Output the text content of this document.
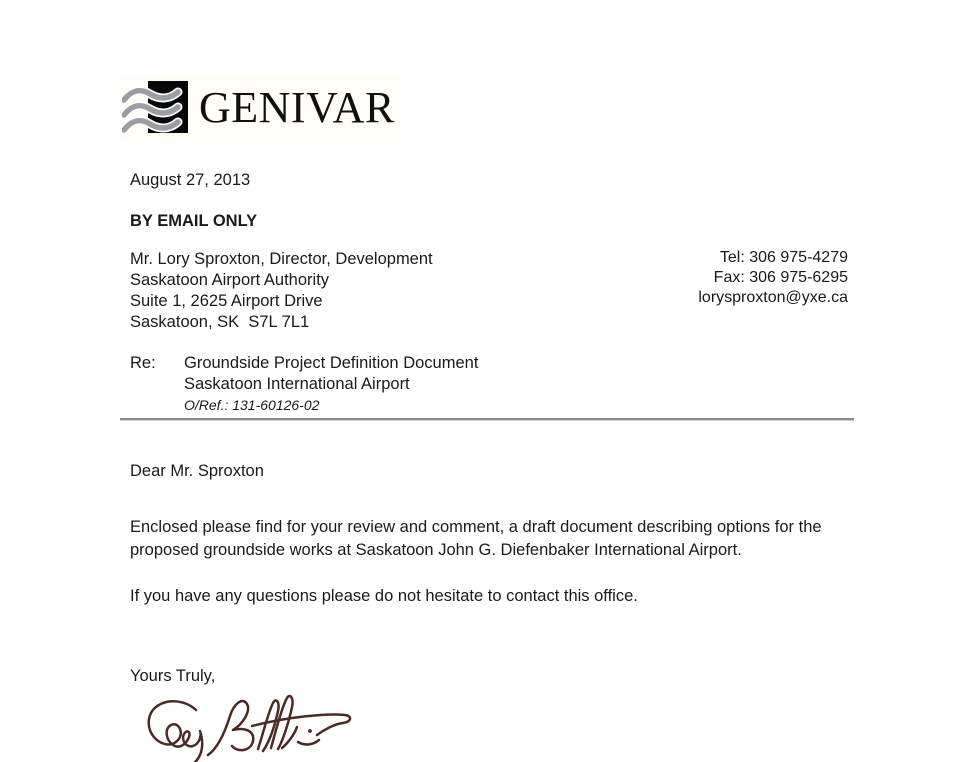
GENIVAR
August 27, 2013
BY EMAIL ONLY
Mr. Lory Sproxton, Director, Development
Saskatoon Airport Authority
Suite 1, 2625 Airport Drive
Saskatoon, SK  S7L 7L1
Tel: 306 975-4279
Fax: 306 975-6295
lorysproxton@yxe.ca
Re:	Groundside Project Definition Document
Saskatoon International Airport
O/Ref.: 131-60126-02
Dear Mr. Sproxton

Enclosed please find for your review and comment, a draft document describing options for the proposed groundside works at Saskatoon John G. Diefenbaker International Airport.

If you have any questions please do not hesitate to contact this office.

Yours Truly,
